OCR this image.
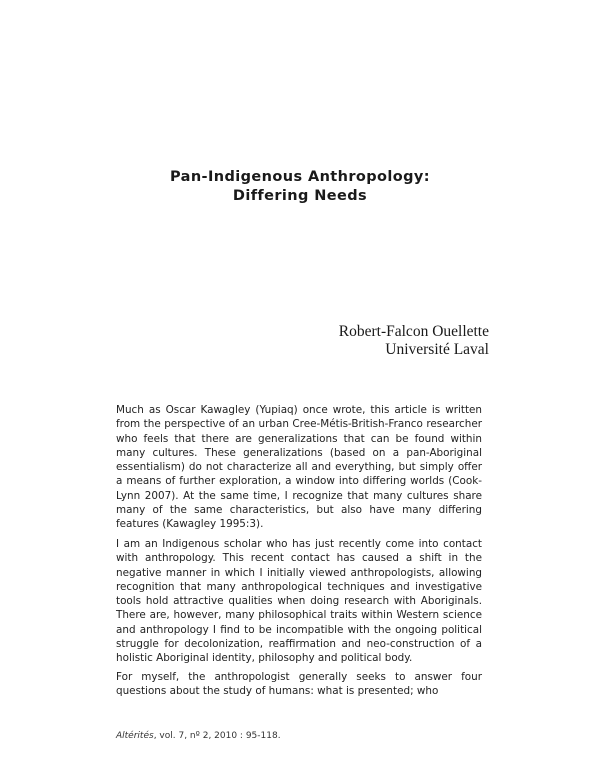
Pan-Indigenous Anthropology:
Differing Needs
Robert-Falcon Ouellette
Université Laval
Much as Oscar Kawagley (Yupiaq) once wrote, this article is written from the perspective of an urban Cree-Métis-British-Franco researcher who feels that there are generalizations that can be found within many cultures. These generalizations (based on a pan-Aboriginal essentialism) do not characterize all and everything, but simply offer a means of further exploration, a window into differing worlds (Cook-Lynn 2007). At the same time, I recognize that many cultures share many of the same characteristics, but also have many differing features (Kawagley 1995:3).
I am an Indigenous scholar who has just recently come into contact with anthropology. This recent contact has caused a shift in the negative manner in which I initially viewed anthropologists, allowing recognition that many anthropological techniques and investigative tools hold attractive qualities when doing research with Aboriginals. There are, however, many philosophical traits within Western science and anthropology I find to be incompatible with the ongoing political struggle for decolonization, reaffirmation and neo-construction of a holistic Aboriginal identity, philosophy and political body.
For myself, the anthropologist generally seeks to answer four questions about the study of humans: what is presented; who
Altérités, vol. 7, nº 2, 2010 : 95-118.
